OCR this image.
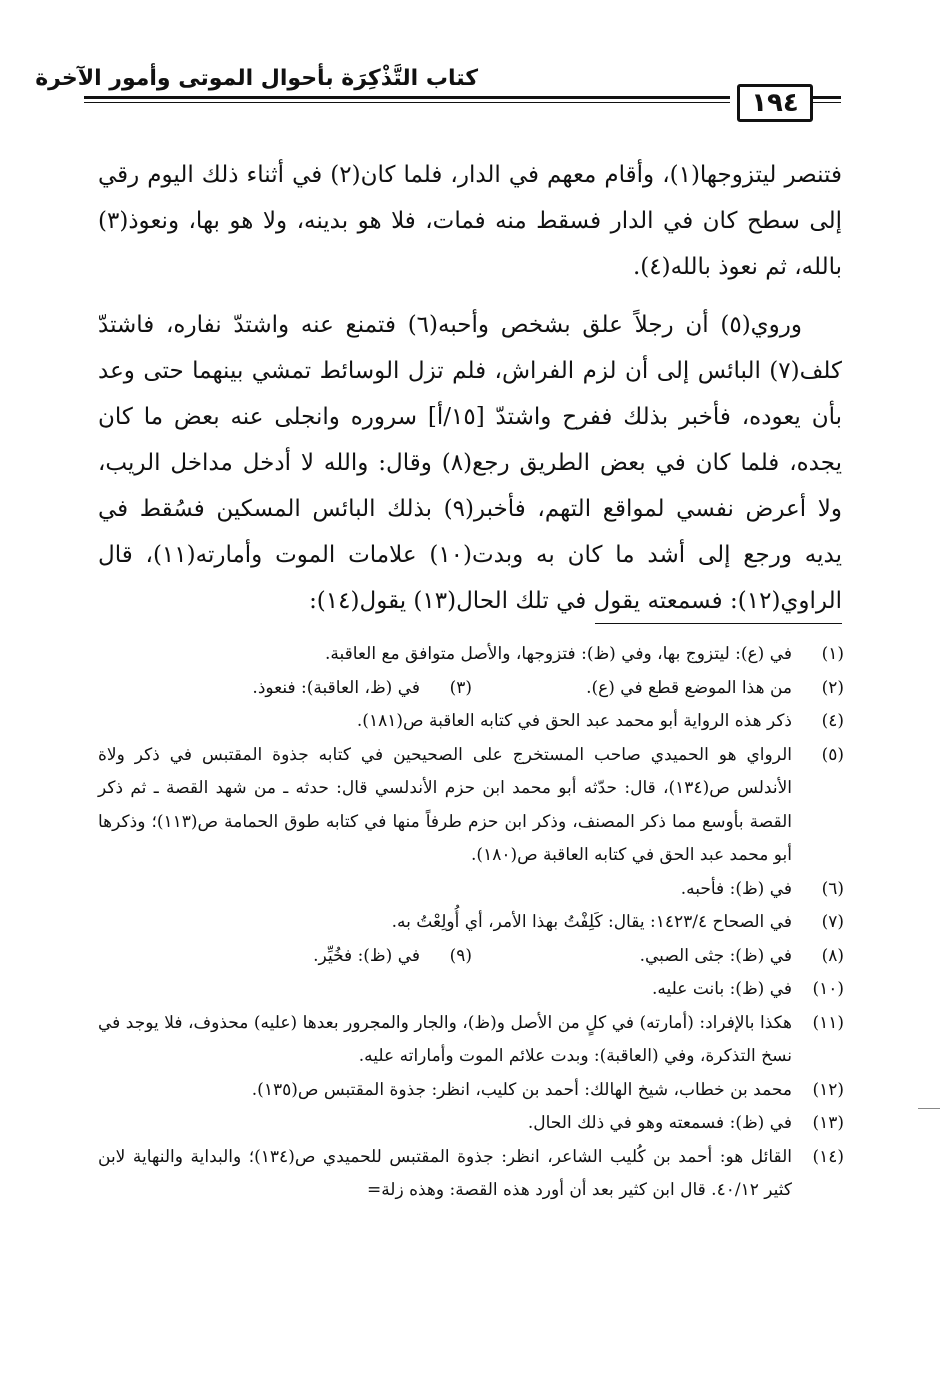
كتاب التَّذْكِرَة بأحوال الموتى وأمور الآخرة
١٩٤

فتنصر ليتزوجها(١)، وأقام معهم في الدار، فلما كان(٢) في أثناء ذلك اليوم رقي إلى سطح كان في الدار فسقط منه فمات، فلا هو بدينه، ولا هو بها، ونعوذ(٣) بالله، ثم نعوذ بالله(٤).

وروي(٥) أن رجلاً علق بشخص وأحبه(٦) فتمنع عنه واشتدّ نفاره، فاشتدّ كلف(٧) البائس إلى أن لزم الفراش، فلم تزل الوسائط تمشي بينهما حتى وعد بأن يعوده، فأخبر بذلك ففرح واشتدّ [١٥/أ] سروره وانجلى عنه بعض ما كان يجده، فلما كان في بعض الطريق رجع(٨) وقال: والله لا أدخل مداخل الريب، ولا أعرض نفسي لمواقع التهم، فأخبر(٩) بذلك البائس المسكين فسُقط في يديه ورجع إلى أشد ما كان به وبدت(١٠) علامات الموت وأمارته(١١)، قال الراوي(١٢): فسمعته يقول في تلك الحال(١٣) يقول(١٤):

(١)
في (ع): ليتزوج بها، وفي (ظ): فتزوجها، والأصل متوافق مع العاقبة.
(٢)
من هذا الموضع قطع في (ع).
(٣)
في (ظ، العاقبة): فنعوذ.
(٤)
ذكر هذه الرواية أبو محمد عبد الحق في كتابه العاقبة ص(١٨١).
(٥)
الرواي هو الحميدي صاحب المستخرج على الصحيحين في كتابه جذوة المقتبس في ذكر ولاة الأندلس ص(١٣٤)، قال: حدّثه أبو محمد ابن حزم الأندلسي قال: حدثه ـ من شهد القصة ـ ثم ذكر القصة بأوسع مما ذكر المصنف، وذكر ابن حزم طرفاً منها في كتابه طوق الحمامة ص(١١٣)؛ وذكرها أبو محمد عبد الحق في كتابه العاقبة ص(١٨٠).
(٦)
في (ظ): فأحبه.
(٧)
في الصحاح ١٤٢٣/٤: يقال: كَلِفْتُ بهذا الأمر، أي أُولِعْتُ به.
(٨)
في (ظ): جثى الصبي.
(٩)
في (ظ): فخُيِّر.
(١٠)
في (ظ): بانت عليه.
(١١)
هكذا بالإفراد: (أمارته) في كلٍ من الأصل و(ظ)، والجار والمجرور بعدها (عليه) محذوف، فلا يوجد في نسخ التذكرة، وفي (العاقبة): وبدت علائم الموت وأماراته عليه.
(١٢)
محمد بن خطاب، شيخ الهالك: أحمد بن كليب، انظر: جذوة المقتبس ص(١٣٥).
(١٣)
في (ظ): فسمعته وهو في ذلك الحال.
(١٤)
القائل هو: أحمد بن كُليب الشاعر، انظر: جذوة المقتبس للحميدي ص(١٣٤)؛ والبداية والنهاية لابن كثير ٤٠/١٢. قال ابن كثير بعد أن أورد هذه القصة: وهذه زلة=
